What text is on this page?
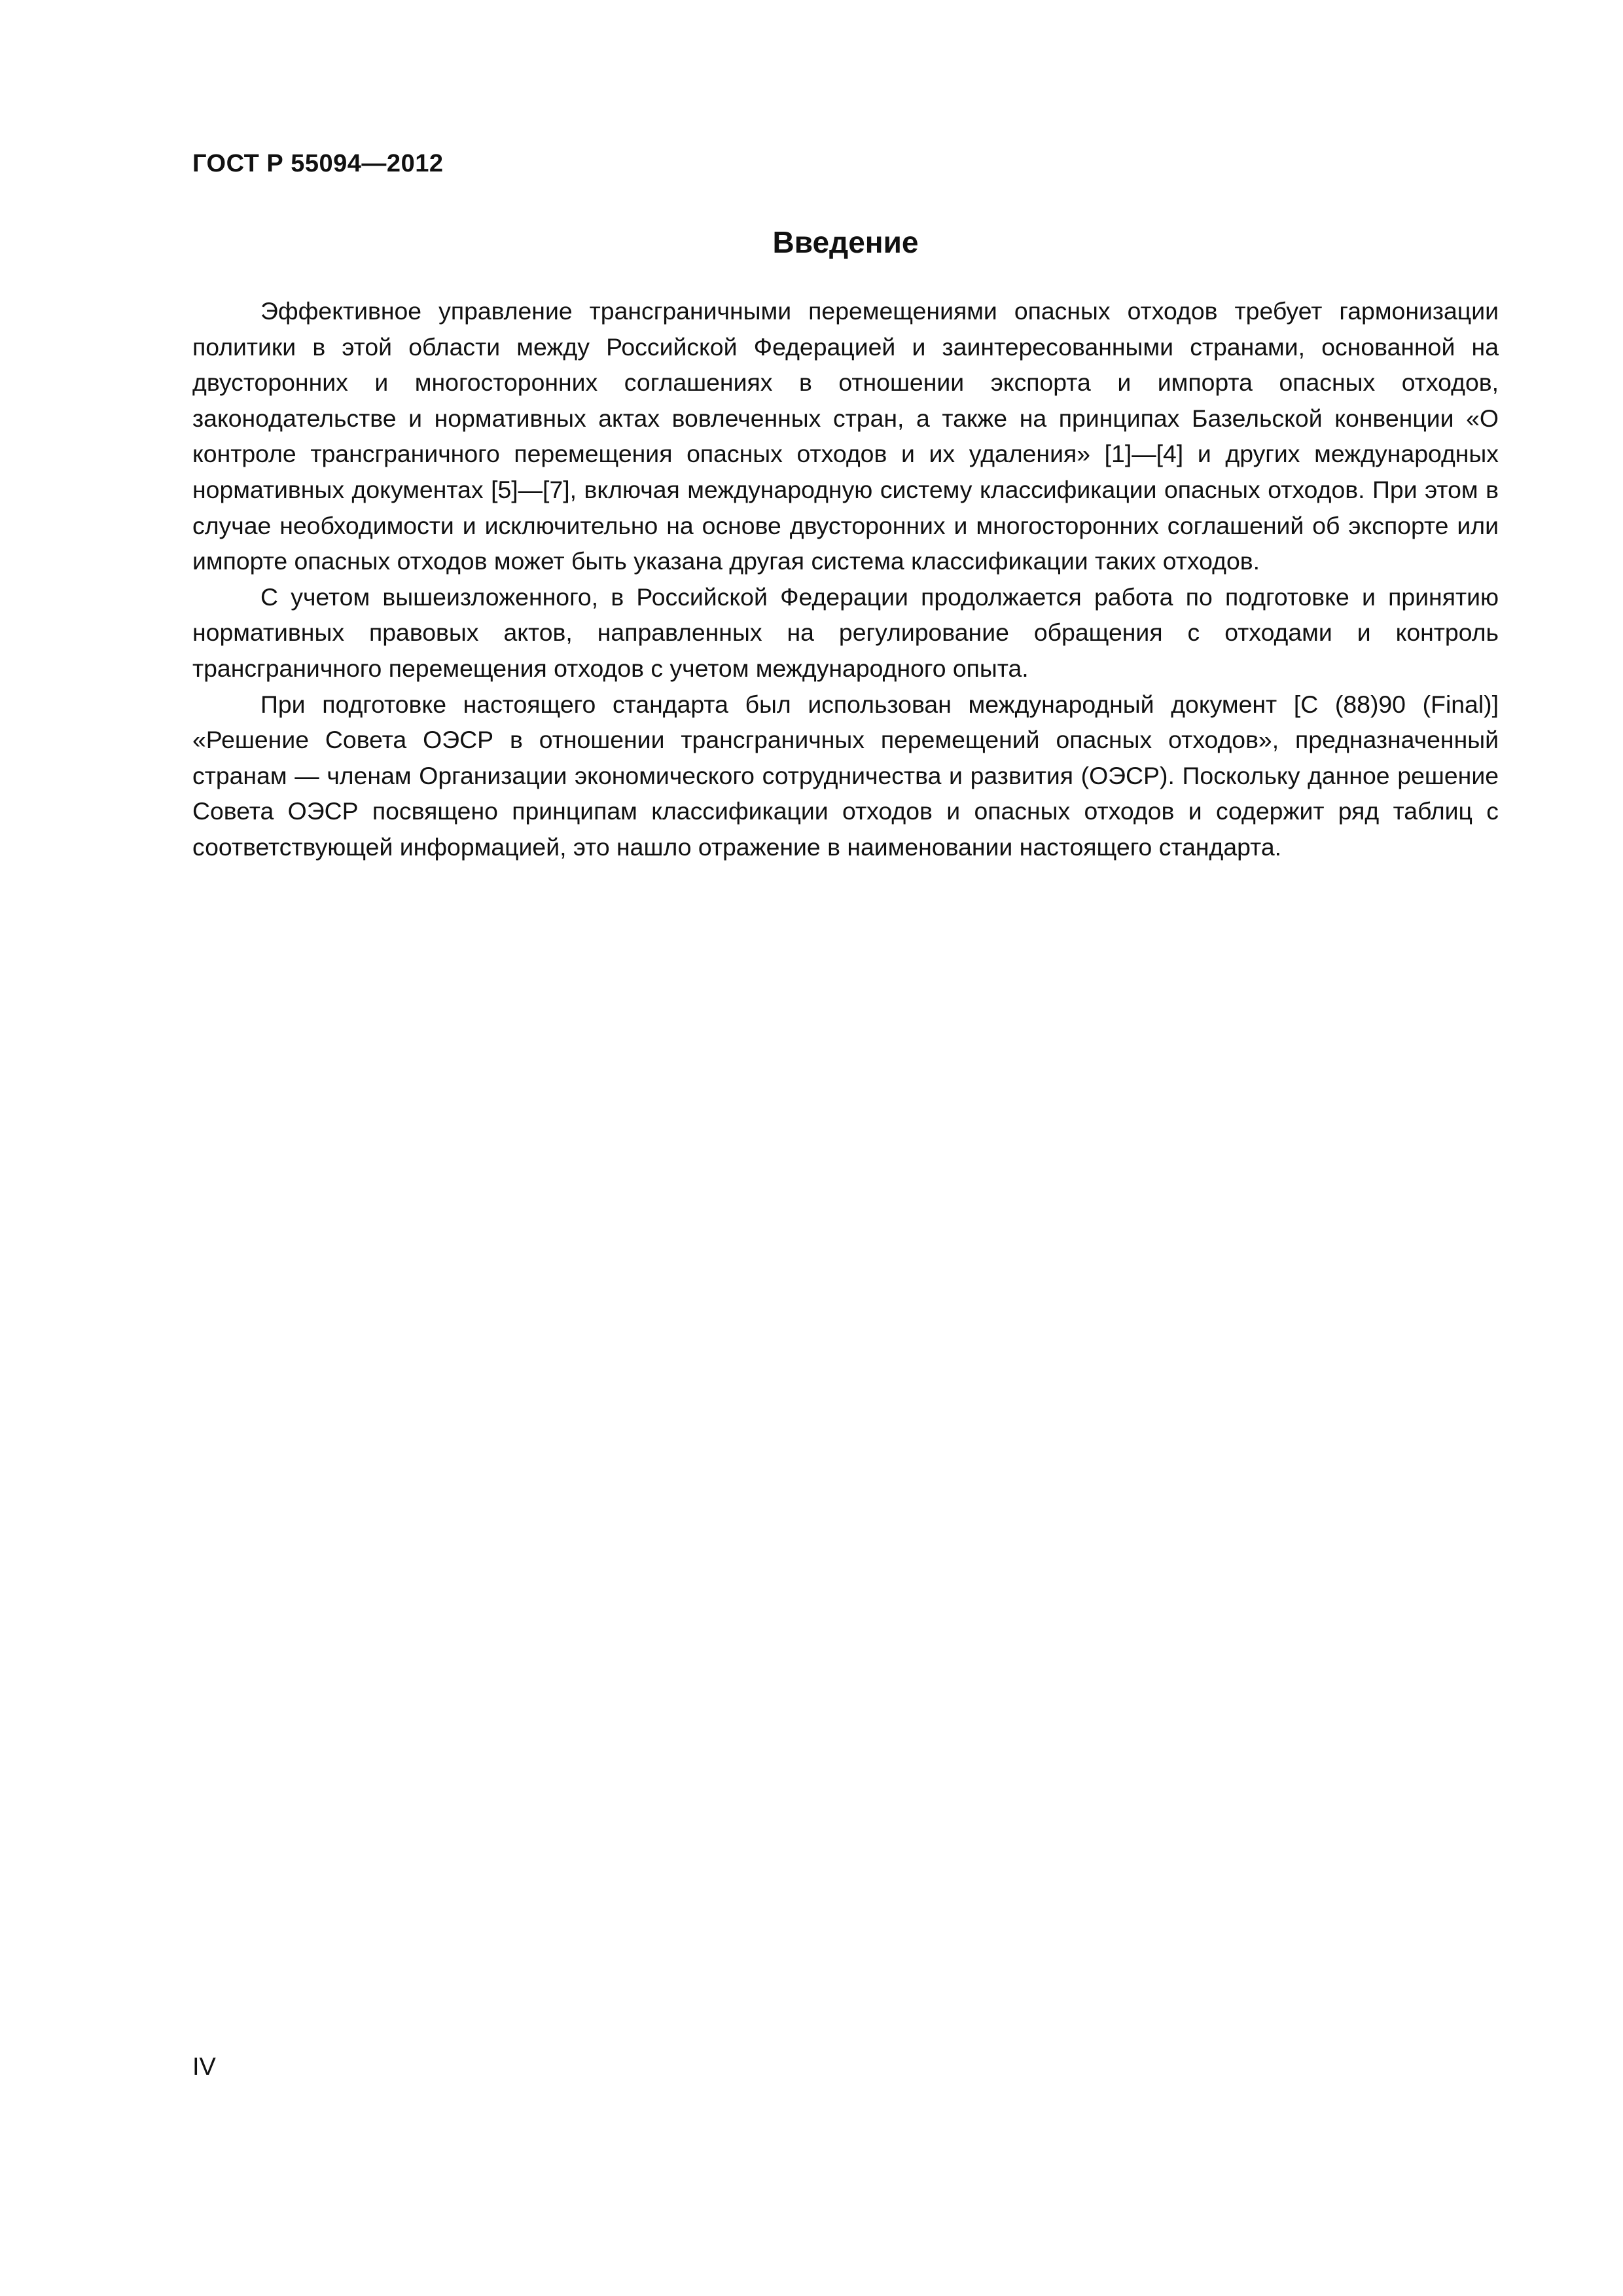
ГОСТ Р 55094—2012
Введение

Эффективное управление трансграничными перемещениями опасных отходов требует гармонизации политики в этой области между Российской Федерацией и заинтересованными странами, основанной на двусторонних и многосторонних соглашениях в отношении экспорта и импорта опасных отходов, законодательстве и нормативных актах вовлеченных стран, а также на принципах Базельской конвенции «О контроле трансграничного перемещения опасных отходов и их удаления» [1]—[4] и других международных нормативных документах [5]—[7], включая международную систему классификации опасных отходов. При этом в случае необходимости и исключительно на основе двусторонних и многосторонних соглашений об экспорте или импорте опасных отходов может быть указана другая система классификации таких отходов.

С учетом вышеизложенного, в Российской Федерации продолжается работа по подготовке и принятию нормативных правовых актов, направленных на регулирование обращения с отходами и контроль трансграничного перемещения отходов с учетом международного опыта.

При подготовке настоящего стандарта был использован международный документ [С (88)90 (Final)] «Решение Совета ОЭСР в отношении трансграничных перемещений опасных отходов», предназначенный странам — членам Организации экономического сотрудничества и развития (ОЭСР). Поскольку данное решение Совета ОЭСР посвящено принципам классификации отходов и опасных отходов и содержит ряд таблиц с соответствующей информацией, это нашло отражение в наименовании настоящего стандарта.

IV
